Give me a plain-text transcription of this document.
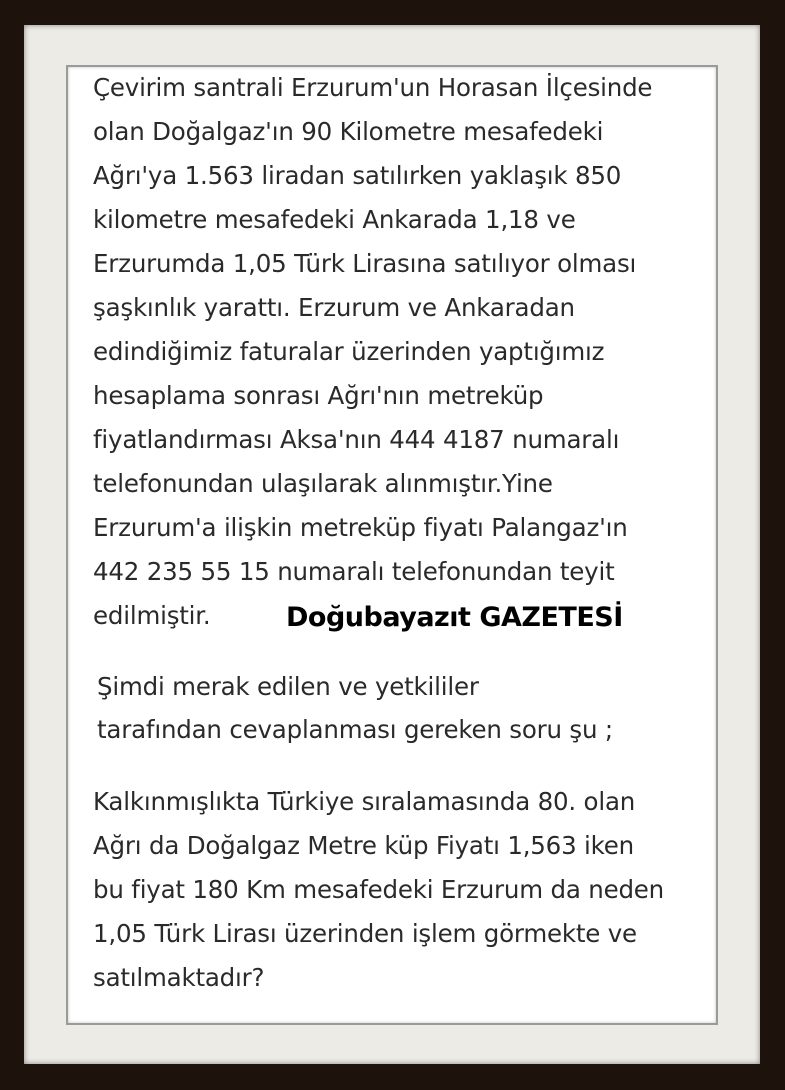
Çevirim santrali Erzurum'un Horasan İlçesinde
olan Doğalgaz'ın 90 Kilometre mesafedeki
Ağrı'ya 1.563 liradan satılırken yaklaşık 850
kilometre mesafedeki Ankarada 1,18 ve
Erzurumda 1,05 Türk Lirasına satılıyor olması
şaşkınlık yarattı. Erzurum ve Ankaradan
edindiğimiz faturalar üzerinden yaptığımız
hesaplama sonrası Ağrı'nın metreküp
fiyatlandırması Aksa'nın 444 4187 numaralı
telefonundan ulaşılarak alınmıştır.Yine
Erzurum'a ilişkin metreküp fiyatı Palangaz'ın
442 235 55 15 numaralı telefonundan teyit
edilmiştir.	Doğubayazıt GAZETESİ
Şimdi merak edilen ve yetkililer
tarafından cevaplanması gereken soru şu ;
Kalkınmışlıkta Türkiye sıralamasında 80. olan
Ağrı da Doğalgaz Metre küp Fiyatı 1,563 iken
bu fiyat 180 Km mesafedeki Erzurum da neden
1,05 Türk Lirası üzerinden işlem görmekte ve
satılmaktadır?
